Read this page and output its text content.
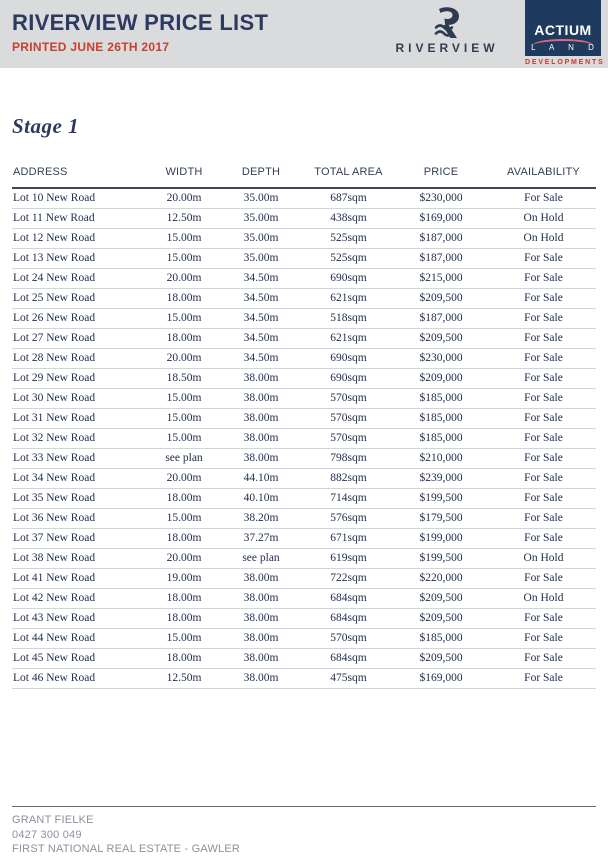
RIVERVIEW PRICE LIST
PRINTED JUNE 26TH 2017	RIVERVIEW
ACTIUM
L A N D
DEVELOPMENTS
Stage 1
ADDRESS	WIDTH	DEPTH	TOTAL AREA	PRICE	AVAILABILITY
Lot 10 New Road	20.00m	35.00m	687sqm	$230,000	For Sale
Lot 11 New Road	12.50m	35.00m	438sqm	$169,000	On Hold
Lot 12 New Road	15.00m	35.00m	525sqm	$187,000	On Hold
Lot 13 New Road	15.00m	35.00m	525sqm	$187,000	For Sale
Lot 24 New Road	20.00m	34.50m	690sqm	$215,000	For Sale
Lot 25 New Road	18.00m	34.50m	621sqm	$209,500	For Sale
Lot 26 New Road	15.00m	34.50m	518sqm	$187,000	For Sale
Lot 27 New Road	18.00m	34.50m	621sqm	$209,500	For Sale
Lot 28 New Road	20.00m	34.50m	690sqm	$230,000	For Sale
Lot 29 New Road	18.50m	38.00m	690sqm	$209,000	For Sale
Lot 30 New Road	15.00m	38.00m	570sqm	$185,000	For Sale
Lot 31 New Road	15.00m	38.00m	570sqm	$185,000	For Sale
Lot 32 New Road	15.00m	38.00m	570sqm	$185,000	For Sale
Lot 33 New Road	see plan	38.00m	798sqm	$210,000	For Sale
Lot 34 New Road	20.00m	44.10m	882sqm	$239,000	For Sale
Lot 35 New Road	18.00m	40.10m	714sqm	$199,500	For Sale
Lot 36 New Road	15.00m	38.20m	576sqm	$179,500	For Sale
Lot 37 New Road	18.00m	37.27m	671sqm	$199,000	For Sale
Lot 38 New Road	20.00m	see plan	619sqm	$199,500	On Hold
Lot 41 New Road	19.00m	38.00m	722sqm	$220,000	For Sale
Lot 42 New Road	18.00m	38.00m	684sqm	$209,500	On Hold
Lot 43 New Road	18.00m	38.00m	684sqm	$209,500	For Sale
Lot 44 New Road	15.00m	38.00m	570sqm	$185,000	For Sale
Lot 45 New Road	18.00m	38.00m	684sqm	$209,500	For Sale
Lot 46 New Road	12.50m	38.00m	475sqm	$169,000	For Sale
GRANT FIELKE
0427 300 049
FIRST NATIONAL REAL ESTATE - GAWLER
